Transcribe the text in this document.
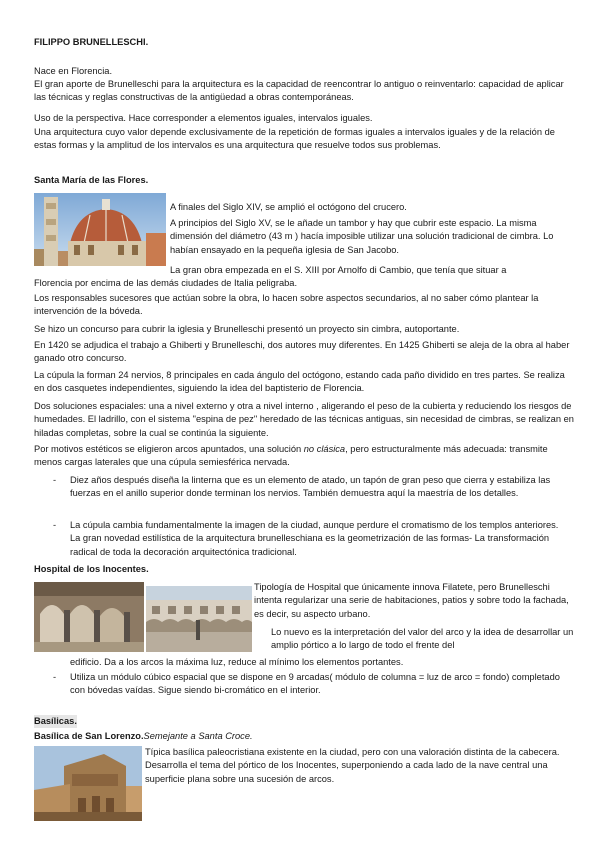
FILIPPO BRUNELLESCHI.

Nace en Florencia.

El gran aporte de Brunelleschi para la arquitectura es la capacidad de reencontrar lo antiguo o reinventarlo: capacidad de aplicar las técnicas y reglas constructivas de la antigüedad a obras contemporáneas.

Uso de la perspectiva. Hace corresponder a elementos iguales, intervalos iguales.

Una arquitectura cuyo valor depende exclusivamente de la repetición de formas iguales a intervalos iguales y de la relación de estas formas y la amplitud de los intervalos es una arquitectura que resuelve todos sus problemas.

Santa María de las Flores.

A finales del Siglo XIV, se amplió el octógono del crucero.

A principios del Siglo XV, se le añade un tambor y hay que cubrir este espacio. La misma dimensión del diámetro (43 m ) hacía imposible utilizar una solución tradicional de cimbra. Lo habían ensayado en la pequeña iglesia de San Jacobo.

La gran obra empezada en el S. XIII por Arnolfo di Cambio, que tenía que situar a

Florencia por encima de las demás ciudades de Italia peligraba.

Los responsables sucesores que actúan sobre la obra, lo hacen sobre aspectos secundarios, al no saber cómo plantear la intervención de la bóveda.

Se hizo un concurso para cubrir la iglesia y Brunelleschi presentó un proyecto sin cimbra, autoportante.

En 1420 se adjudica el trabajo a Ghiberti y Brunelleschi, dos autores muy diferentes. En 1425 Ghiberti se aleja de la obra al haber ganado otro concurso.

La cúpula la forman 24 nervios, 8 principales en cada ángulo del octógono, estando cada paño dividido en tres partes. Se realiza en dos casquetes independientes, siguiendo la idea del baptisterio de Florencia.

Dos soluciones espaciales: una a nivel externo y otra a nivel interno , aligerando el peso de la cubierta y reduciendo los riesgos de humedades. El ladrillo, con el sistema "espina de pez" heredado de las técnicas antiguas, sin necesidad de cimbras, se realizan en hiladas completas, sobre la cual se continúa la siguiente.

Por motivos estéticos se eligieron arcos apuntados, una solución no clásica, pero estructuralmente más adecuada: transmite menos cargas laterales que una cúpula semiesférica nervada.

- Diez años después diseña la linterna que es un elemento de atado, un tapón de gran peso que cierra y estabiliza las fuerzas en el anillo superior donde terminan los nervios. También demuestra aquí la maestría de los detalles.
- La cúpula cambia fundamentalmente la imagen de la ciudad, aunque perdure el cromatismo de los templos anteriores. La gran novedad estilística de la arquitectura brunelleschiana es la geometrización de las formas- La transformación radical de toda la decoración arquitectónica tradicional.
Hospital de los Inocentes.

Tipología de Hospital que únicamente innova Filatete, pero Brunelleschi intenta regularizar una serie de habitaciones, patios y sobre todo la fachada, es decir, su aspecto urbano.

Lo nuevo es la interpretación del valor del arco y la idea de desarrollar un amplio pórtico a lo largo de todo el frente del

edificio. Da a los arcos la máxima luz, reduce al mínimo los elementos portantes.

- Utiliza un módulo cúbico espacial que se dispone en 9 arcadas( módulo de columna = luz de arco = fondo) completado con bóvedas vaídas. Sigue siendo bi-cromático en el interior.
Basílicas.
Basílica de San Lorenzo.Semejante a Santa Croce.

Típica basílica paleocristiana existente en la ciudad, pero con una valoración distinta de la cabecera. Desarrolla el tema del pórtico de los Inocentes, superponiendo a cada lado de la nave central una superficie plana sobre una sucesión de arcos.
